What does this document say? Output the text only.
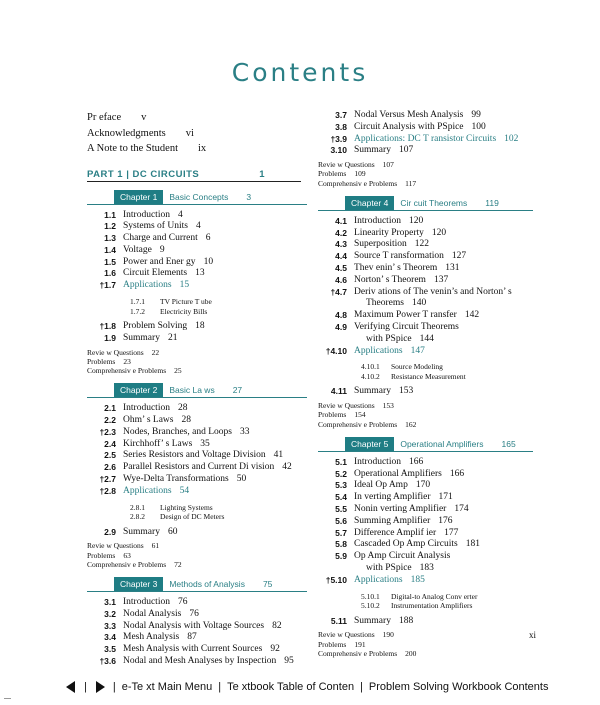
Contents

Pr eface v

Acknowledgments vi

A Note to the Student ix

PART 1 | DC CIRCUITS	1
Chapter 1	Basic Concepts 3
1.1 Introduction 4
1.2 Systems of Units 4
1.3 Charge and Current 6
1.4 Voltage 9
1.5 Power and Ener gy 10
1.6 Circuit Elements 13
†1.7 Applications 15
1.7.1	TV Picture T ube
1.7.2	Electricity Bills
†1.8 Problem Solving 18
1.9 Summary 21
Revie w Questions 22
Problems 23
Comprehensiv e Problems 25
Chapter 2	Basic La ws 27
2.1 Introduction 28
2.2 Ohm’ s Laws 28
†2.3 Nodes, Branches, and Loops 33
2.4 Kirchhoff’ s Laws 35
2.5 Series Resistors and Voltage Division 41
2.6 Parallel Resistors and Current Di vision 42
†2.7 Wye-Delta Transformations 50
†2.8 Applications 54
2.8.1	Lighting Systems
2.8.2	Design of DC Meters
2.9 Summary 60
Revie w Questions 61
Problems 63
Comprehensiv e Problems 72
Chapter 3	Methods of Analysis 75
3.1 Introduction 76
3.2 Nodal Analysis 76
3.3 Nodal Analysis with Voltage Sources 82
3.4 Mesh Analysis 87
3.5 Mesh Analysis with Current Sources 92
†3.6 Nodal and Mesh Analyses by Inspection 95
3.7 Nodal Versus Mesh Analysis 99
3.8 Circuit Analysis with PSpice 100
†3.9 Applications: DC T ransistor Circuits 102
3.10 Summary 107
Revie w Questions 107
Problems 109
Comprehensiv e Problems 117
Chapter 4	Cir cuit Theorems 119
4.1 Introduction 120
4.2 Linearity Property 120
4.3 Superposition 122
4.4 Source T ransformation 127
4.5 Thev enin’ s Theorem 131
4.6 Norton’ s Theorem 137
†4.7 Deriv ations of The venin’s and Norton’ s
Theorems 140
4.8 Maximum Power T ransfer 142
4.9 Verifying Circuit Theorems
with PSpice 144
†4.10 Applications 147
4.10.1 Source Modeling
4.10.2 Resistance Measurement
4.11 Summary 153
Revie w Questions 153
Problems 154
Comprehensiv e Problems 162
Chapter 5	Operational Amplifiers 165
5.1 Introduction 166
5.2 Operational Amplifiers 166
5.3 Ideal Op Amp 170
5.4 In verting Amplifier 171
5.5 Nonin verting Amplifier 174
5.6 Summing Amplifier 176
5.7 Difference Amplif ier 177
5.8 Cascaded Op Amp Circuits 181
5.9 Op Amp Circuit Analysis
with PSpice 183
†5.10 Applications 185
5.10.1 Digital-to Analog Conv erter
5.10.2 Instrumentation Amplifiers
5.11 Summary 188
Revie w Questions 190
Problems 191
Comprehensiv e Problems 200
xi
| | e-Te xt Main Menu | Te xtbook Table of Conten | Problem Solving Workbook Contents
